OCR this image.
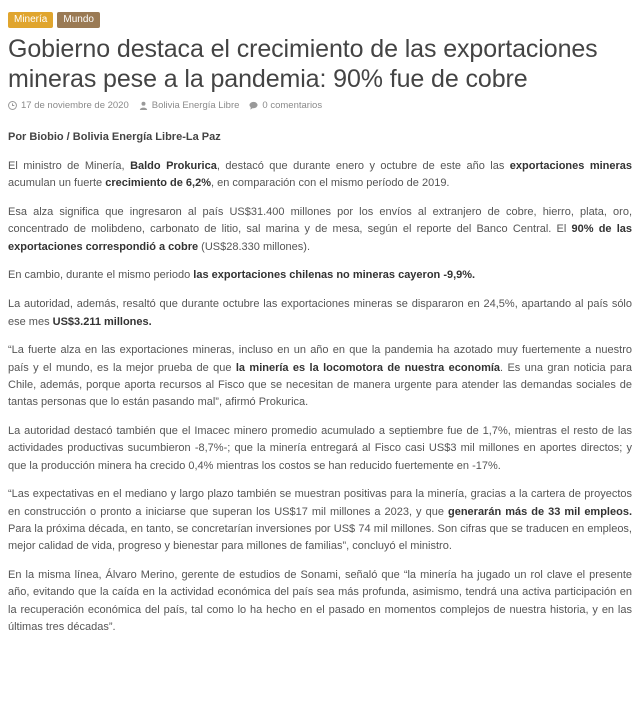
Minería	Mundo
Gobierno destaca el crecimiento de las exportaciones mineras pese a la pandemia: 90% fue de cobre
17 de noviembre de 2020 Bolivia Energía Libre 0 comentarios
Por Biobio / Bolivia Energía Libre-La Paz

El ministro de Minería, Baldo Prokurica, destacó que durante enero y octubre de este año las exportaciones mineras acumulan un fuerte crecimiento de 6,2%, en comparación con el mismo período de 2019.

Esa alza significa que ingresaron al país US$31.400 millones por los envíos al extranjero de cobre, hierro, plata, oro, concentrado de molibdeno, carbonato de litio, sal marina y de mesa, según el reporte del Banco Central. El 90% de las exportaciones correspondió a cobre (US$28.330 millones).

En cambio, durante el mismo periodo las exportaciones chilenas no mineras cayeron -9,9%.

La autoridad, además, resaltó que durante octubre las exportaciones mineras se dispararon en 24,5%, apartando al país sólo ese mes US$3.211 millones.

“La fuerte alza en las exportaciones mineras, incluso en un año en que la pandemia ha azotado muy fuertemente a nuestro país y el mundo, es la mejor prueba de que la minería es la locomotora de nuestra economía. Es una gran noticia para Chile, además, porque aporta recursos al Fisco que se necesitan de manera urgente para atender las demandas sociales de tantas personas que lo están pasando mal”, afirmó Prokurica.

La autoridad destacó también que el Imacec minero promedio acumulado a septiembre fue de 1,7%, mientras el resto de las actividades productivas sucumbieron -8,7%-; que la minería entregará al Fisco casi US$3 mil millones en aportes directos; y que la producción minera ha crecido 0,4% mientras los costos se han reducido fuertemente en -17%.

“Las expectativas en el mediano y largo plazo también se muestran positivas para la minería, gracias a la cartera de proyectos en construcción o pronto a iniciarse que superan los US$17 mil millones a 2023, y que generarán más de 33 mil empleos. Para la próxima década, en tanto, se concretarían inversiones por US$ 74 mil millones. Son cifras que se traducen en empleos, mejor calidad de vida, progreso y bienestar para millones de familias”, concluyó el ministro.

En la misma línea, Álvaro Merino, gerente de estudios de Sonami, señaló que “la minería ha jugado un rol clave el presente año, evitando que la caída en la actividad económica del país sea más profunda, asimismo, tendrá una activa participación en la recuperación económica del país, tal como lo ha hecho en el pasado en momentos complejos de nuestra historia, y en las últimas tres décadas”.
